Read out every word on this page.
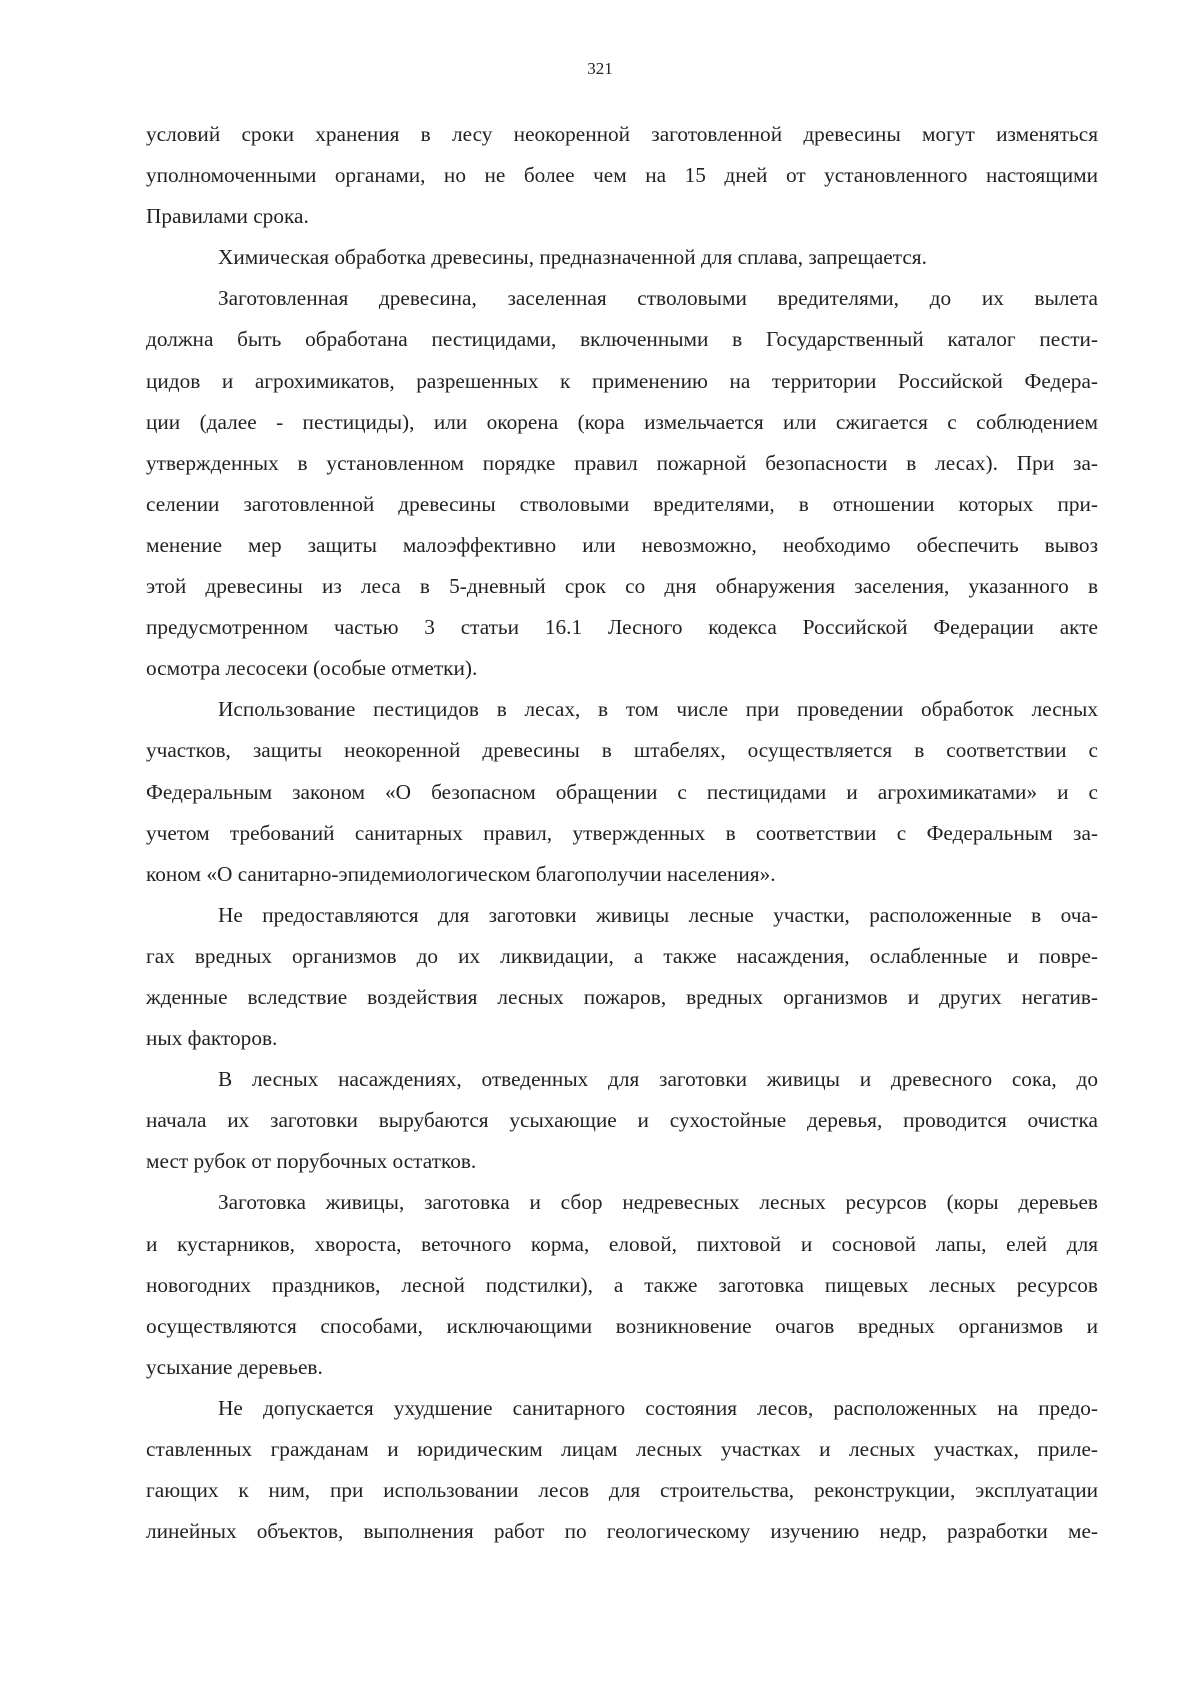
321
условий сроки хранения в лесу неокоренной заготовленной древесины могут изменяться
уполномоченными органами, но не более чем на 15 дней от установленного настоящими
Правилами срока.
Химическая обработка древесины, предназначенной для сплава, запрещается.
Заготовленная древесина, заселенная стволовыми вредителями, до их вылета
должна быть обработана пестицидами, включенными в Государственный каталог пести-
цидов и агрохимикатов, разрешенных к применению на территории Российской Федера-
ции (далее - пестициды), или окорена (кора измельчается или сжигается с соблюдением
утвержденных в установленном порядке правил пожарной безопасности в лесах). При за-
селении заготовленной древесины стволовыми вредителями, в отношении которых при-
менение мер защиты малоэффективно или невозможно, необходимо обеспечить вывоз
этой древесины из леса в 5-дневный срок со дня обнаружения заселения, указанного в
предусмотренном частью 3 статьи 16.1 Лесного кодекса Российской Федерации акте
осмотра лесосеки (особые отметки).
Использование пестицидов в лесах, в том числе при проведении обработок лесных
участков, защиты неокоренной древесины в штабелях, осуществляется в соответствии с
Федеральным законом «О безопасном обращении с пестицидами и агрохимикатами» и с
учетом требований санитарных правил, утвержденных в соответствии с Федеральным за-
коном «О санитарно-эпидемиологическом благополучии населения».
Не предоставляются для заготовки живицы лесные участки, расположенные в оча-
гах вредных организмов до их ликвидации, а также насаждения, ослабленные и повре-
жденные вследствие воздействия лесных пожаров, вредных организмов и других негатив-
ных факторов.
В лесных насаждениях, отведенных для заготовки живицы и древесного сока, до
начала их заготовки вырубаются усыхающие и сухостойные деревья, проводится очистка
мест рубок от порубочных остатков.
Заготовка живицы, заготовка и сбор недревесных лесных ресурсов (коры деревьев
и кустарников, хвороста, веточного корма, еловой, пихтовой и сосновой лапы, елей для
новогодних праздников, лесной подстилки), а также заготовка пищевых лесных ресурсов
осуществляются способами, исключающими возникновение очагов вредных организмов и
усыхание деревьев.
Не допускается ухудшение санитарного состояния лесов, расположенных на предо-
ставленных гражданам и юридическим лицам лесных участках и лесных участках, приле-
гающих к ним, при использовании лесов для строительства, реконструкции, эксплуатации
линейных объектов, выполнения работ по геологическому изучению недр, разработки ме-
